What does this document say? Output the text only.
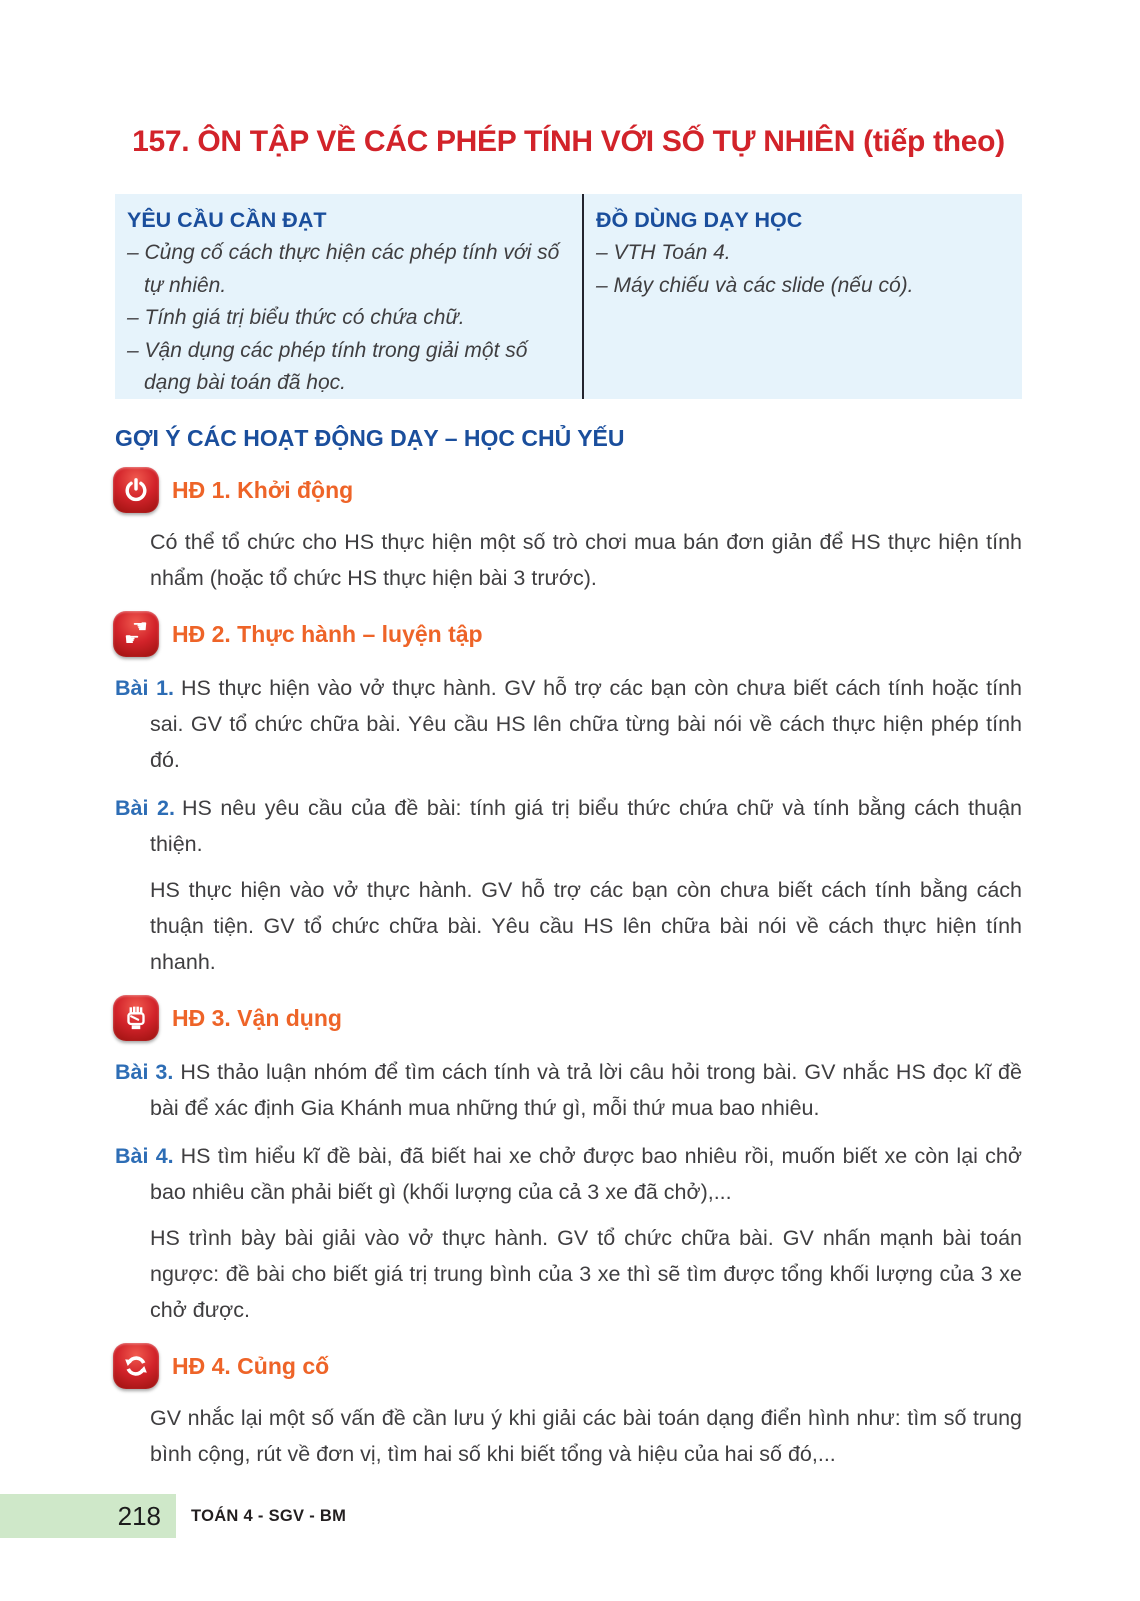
157. ÔN TẬP VỀ CÁC PHÉP TÍNH VỚI SỐ TỰ NHIÊN (tiếp theo)
YÊU CẦU CẦN ĐẠT
– Củng cố cách thực hiện các phép tính với số tự nhiên.
– Tính giá trị biểu thức có chứa chữ.
– Vận dụng các phép tính trong giải một số dạng bài toán đã học.
ĐỒ DÙNG DẠY HỌC
– VTH Toán 4.
– Máy chiếu và các slide (nếu có).
GỢI Ý CÁC HOẠT ĐỘNG DẠY – HỌC CHỦ YẾU
HĐ 1. Khởi động

Có thể tổ chức cho HS thực hiện một số trò chơi mua bán đơn giản để HS thực hiện tính nhẩm (hoặc tổ chức HS thực hiện bài 3 trước).

☚
☛ HĐ 2. Thực hành – luyện tập

Bài 1. HS thực hiện vào vở thực hành. GV hỗ trợ các bạn còn chưa biết cách tính hoặc tính sai. GV tổ chức chữa bài. Yêu cầu HS lên chữa từng bài nói về cách thực hiện phép tính đó.

Bài 2. HS nêu yêu cầu của đề bài: tính giá trị biểu thức chứa chữ và tính bằng cách thuận thiện.

HS thực hiện vào vở thực hành. GV hỗ trợ các bạn còn chưa biết cách tính bằng cách thuận tiện. GV tổ chức chữa bài. Yêu cầu HS lên chữa bài nói về cách thực hiện tính nhanh.

HĐ 3. Vận dụng

Bài 3. HS thảo luận nhóm để tìm cách tính và trả lời câu hỏi trong bài. GV nhắc HS đọc kĩ đề bài để xác định Gia Khánh mua những thứ gì, mỗi thứ mua bao nhiêu.

Bài 4. HS tìm hiểu kĩ đề bài, đã biết hai xe chở được bao nhiêu rồi, muốn biết xe còn lại chở bao nhiêu cần phải biết gì (khối lượng của cả 3 xe đã chở),...

HS trình bày bài giải vào vở thực hành. GV tổ chức chữa bài. GV nhấn mạnh bài toán ngược: đề bài cho biết giá trị trung bình của 3 xe thì sẽ tìm được tổng khối lượng của 3 xe chở được.

HĐ 4. Củng cố

GV nhắc lại một số vấn đề cần lưu ý khi giải các bài toán dạng điển hình như: tìm số trung bình cộng, rút về đơn vị, tìm hai số khi biết tổng và hiệu của hai số đó,...

218 TOÁN 4 - SGV - BM
